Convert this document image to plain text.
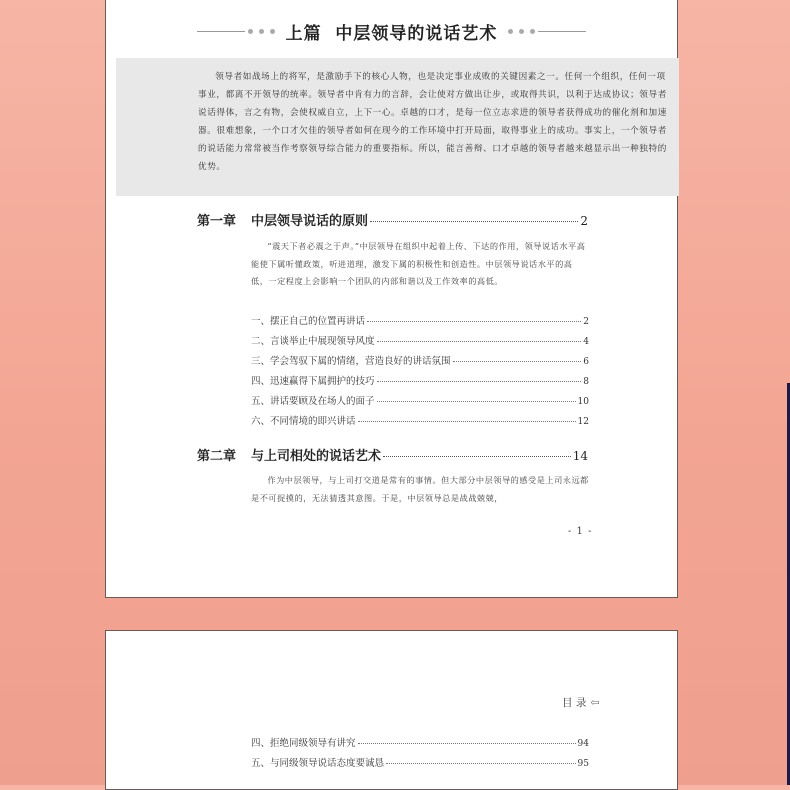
上篇  中层领导的说话艺术

领导者如战场上的将军，是激励手下的核心人物，也是决定事业成败的关键因素之一。任何一个组织，任何一项事业，都离不开领导的统率。领导者中肯有力的言辞，会让使对方做出让步，或取得共识，以利于达成协议；领导者说话得体，言之有物，会使权威自立，上下一心。卓越的口才，是每一位立志求进的领导者获得成功的催化剂和加速器。很难想象，一个口才欠佳的领导者如何在现今的工作环境中打开局面，取得事业上的成功。事实上，一个领导者的说话能力常常被当作考察领导综合能力的重要指标。所以，能言善辩、口才卓越的领导者越来越显示出一种独特的优势。

第一章	中层领导说话的原则	2

“震天下者必震之于声。”中层领导在组织中起着上传、下达的作用，领导说话水平高能使下属听懂政策，听进道理，激发下属的积极性和创造性。中层领导说话水平的高低，一定程度上会影响一个团队的内部和谐以及工作效率的高低。

一、摆正自己的位置再讲话	2
二、言谈举止中展现领导风度	4
三、学会驾驭下属的情绪，营造良好的讲话氛围	6
四、迅速赢得下属拥护的技巧	8
五、讲话要顾及在场人的面子	10
六、不同情境的即兴讲话	12
第二章	与上司相处的说话艺术	14

作为中层领导，与上司打交道是常有的事情。但大部分中层领导的感受是上司永远都是不可捉摸的，无法猜透其意图。于是，中层领导总是战战兢兢，

- 1 -
目 录 ⇦
四、拒绝同级领导有讲究	94
五、与同级领导说话态度要诚恳	95
